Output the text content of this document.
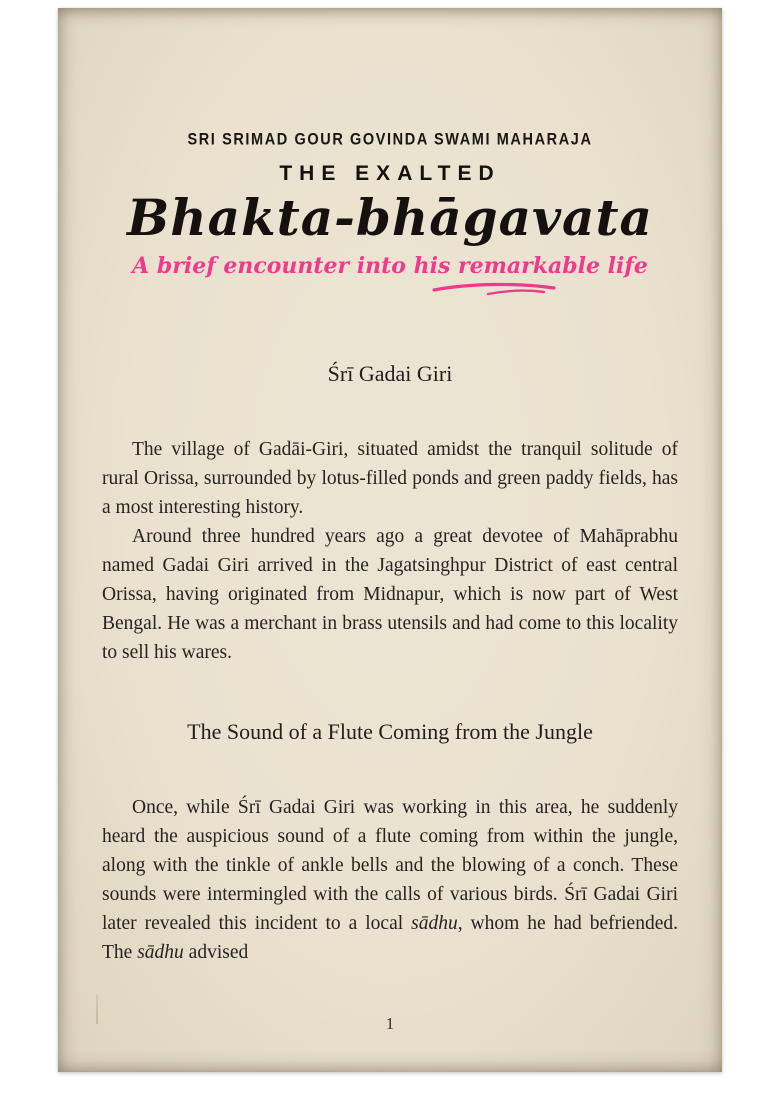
SRI SRIMAD GOUR GOVINDA SWAMI MAHARAJA
THE EXALTED
Bhakta-bhāgavata
A brief encounter into his remarkable life
Śrī Gadai Giri

The village of Gadāi-Giri, situated amidst the tranquil solitude of rural Orissa, surrounded by lotus-filled ponds and green paddy fields, has a most interesting history.

Around three hundred years ago a great devotee of Mahāprabhu named Gadai Giri arrived in the Jagatsinghpur District of east central Orissa, having originated from Midnapur, which is now part of West Bengal. He was a merchant in brass utensils and had come to this locality to sell his wares.

The Sound of a Flute Coming from the Jungle

Once, while Śrī Gadai Giri was working in this area, he suddenly heard the auspicious sound of a flute coming from within the jungle, along with the tinkle of ankle bells and the blowing of a conch. These sounds were intermingled with the calls of various birds. Śrī Gadai Giri later revealed this incident to a local sādhu, whom he had befriended. The sādhu advised

1
